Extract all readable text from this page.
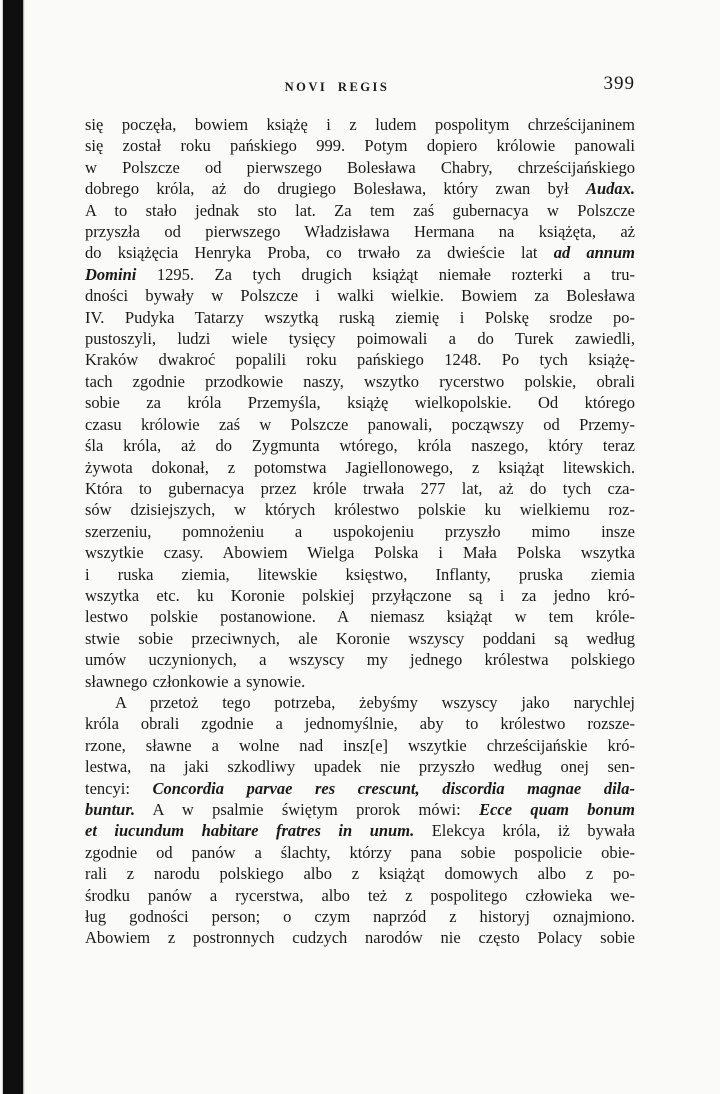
NOVI REGIS	399
się poczęła, bowiem książę i z ludem pospolitym chrześcijaninem
się został roku pańskiego 999. Potym dopiero królowie panowali
w Polszcze od pierwszego Bolesława Chabry, chrześcijańskiego
dobrego króla, aż do drugiego Bolesława, który zwan był Audax.
A to stało jednak sto lat. Za tem zaś gubernacya w Polszcze
przyszła od pierwszego Władzisława Hermana na książęta, aż
do książęcia Henryka Proba, co trwało za dwieście lat ad annum
Domini 1295. Za tych drugich książąt niemałe rozterki a tru-
dności bywały w Polszcze i walki wielkie. Bowiem za Bolesława
IV. Pudyka Tatarzy wszytką ruską ziemię i Polskę srodze po-
pustoszyli, ludzi wiele tysięcy poimowali a do Turek zawiedli,
Kraków dwakroć popalili roku pańskiego 1248. Po tych książę-
tach zgodnie przodkowie naszy, wszytko rycerstwo polskie, obrali
sobie za króla Przemyśla, książę wielkopolskie. Od którego
czasu królowie zaś w Polszcze panowali, począwszy od Przemy-
śla króla, aż do Zygmunta wtórego, króla naszego, który teraz
żywota dokonał, z potomstwa Jagiellonowego, z książąt litewskich.
Która to gubernacya przez króle trwała 277 lat, aż do tych cza-
sów dzisiejszych, w których królestwo polskie ku wielkiemu roz-
szerzeniu, pomnożeniu a uspokojeniu przyszło mimo insze
wszytkie czasy. Abowiem Wielga Polska i Mała Polska wszytka
i ruska ziemia, litewskie księstwo, Inflanty, pruska ziemia
wszytka etc. ku Koronie polskiej przyłączone są i za jedno kró-
lestwo polskie postanowione. A niemasz książąt w tem króle-
stwie sobie przeciwnych, ale Koronie wszyscy poddani są według
umów uczynionych, a wszyscy my jednego królestwa polskiego
sławnego członkowie a synowie.
A przetoż tego potrzeba, żebyśmy wszyscy jako narychlej
króla obrali zgodnie a jednomyślnie, aby to królestwo rozsze-
rzone, sławne a wolne nad insz[e] wszytkie chrześcijańskie kró-
lestwa, na jaki szkodliwy upadek nie przyszło według onej sen-
tencyi: Concordia parvae res crescunt, discordia magnae dila-
buntur. A w psalmie świętym prorok mówi: Ecce quam bonum
et iucundum habitare fratres in unum. Elekcya króla, iż bywała
zgodnie od panów a ślachty, którzy pana sobie pospolicie obie-
rali z narodu polskiego albo z książąt domowych albo z po-
środku panów a rycerstwa, albo też z pospolitego człowieka we-
ług godności person; o czym naprzód z historyj oznajmiono.
Abowiem z postronnych cudzych narodów nie często Polacy sobie
